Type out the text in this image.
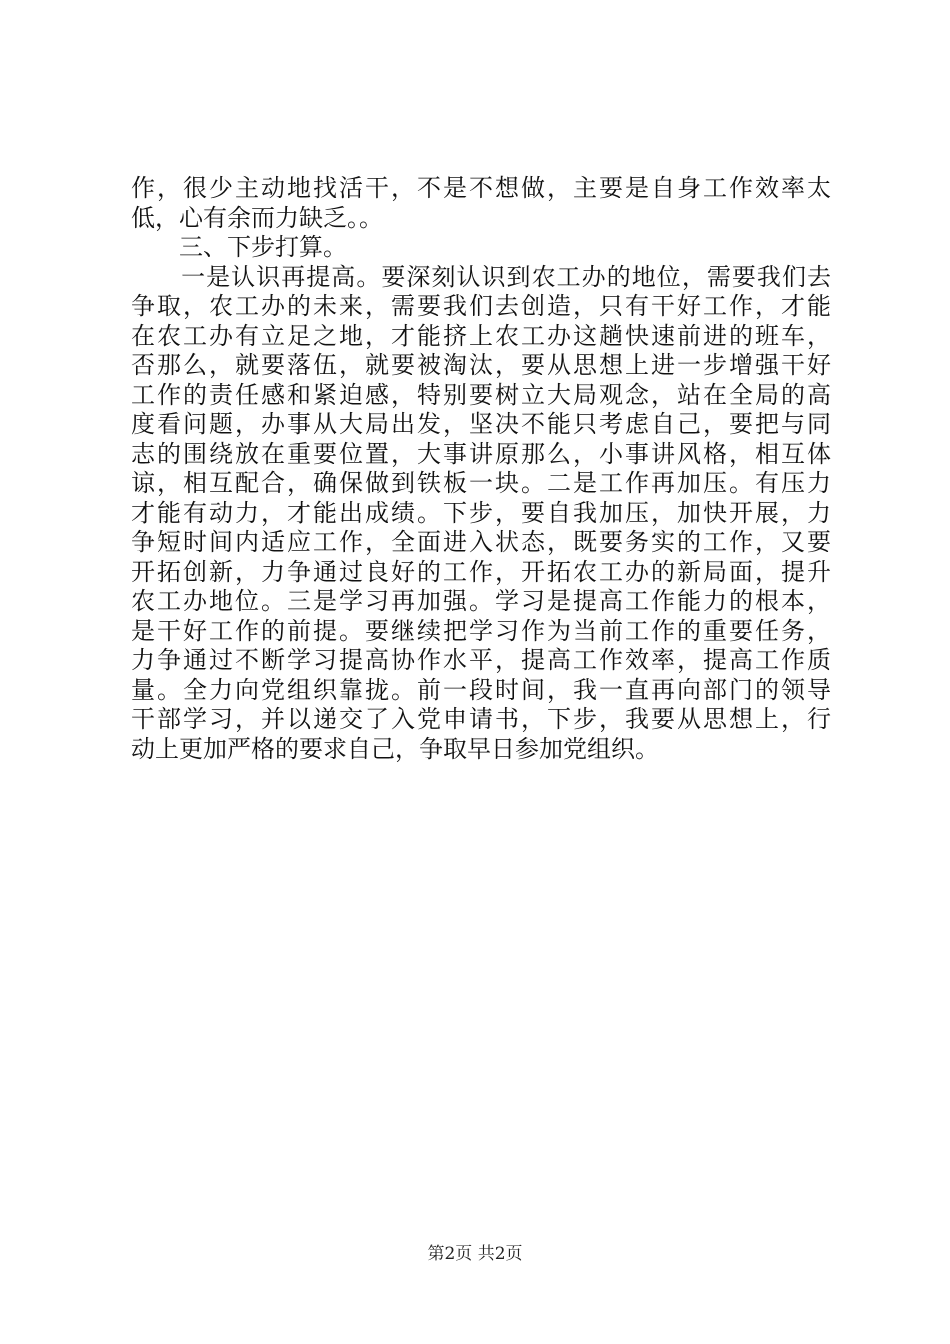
作，很少主动地找活干，不是不想做，主要是自身工作效率太
低，心有余而力缺乏。。
　　三、下步打算。
　　一是认识再提高。要深刻认识到农工办的地位，需要我们去
争取，农工办的未来，需要我们去创造，只有干好工作，才能
在农工办有立足之地，才能挤上农工办这趟快速前进的班车，
否那么，就要落伍，就要被淘汰，要从思想上进一步增强干好
工作的责任感和紧迫感，特别要树立大局观念，站在全局的高
度看问题，办事从大局出发，坚决不能只考虑自己，要把与同
志的围绕放在重要位置，大事讲原那么，小事讲风格，相互体
谅，相互配合，确保做到铁板一块。二是工作再加压。有压力
才能有动力，才能出成绩。下步，要自我加压，加快开展，力
争短时间内适应工作，全面进入状态，既要务实的工作，又要
开拓创新，力争通过良好的工作，开拓农工办的新局面，提升
农工办地位。三是学习再加强。学习是提高工作能力的根本，
是干好工作的前提。要继续把学习作为当前工作的重要任务，
力争通过不断学习提高协作水平，提高工作效率，提高工作质
量。全力向党组织靠拢。前一段时间，我一直再向部门的领导
干部学习，并以递交了入党申请书，下步，我要从思想上，行
动上更加严格的要求自己，争取早日参加党组织。
第2页 共2页
